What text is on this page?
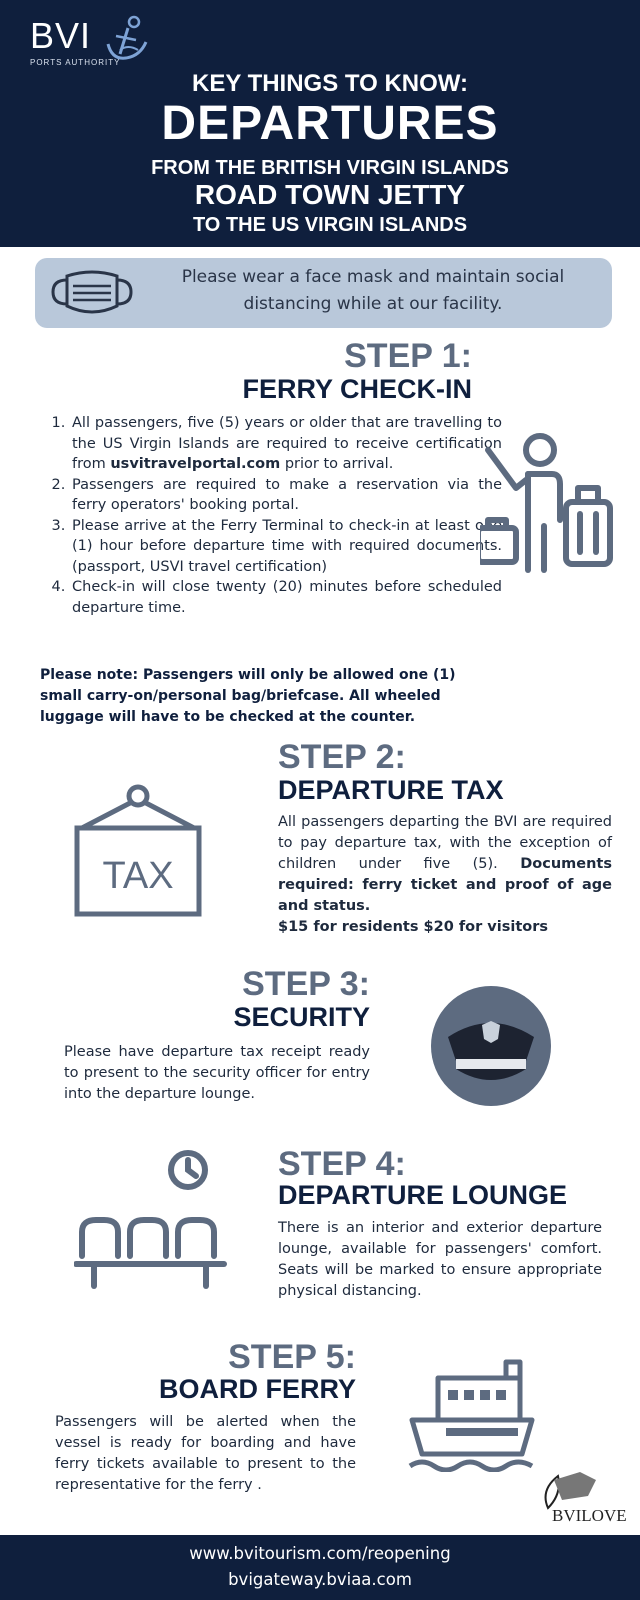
BVI
PORTS AUTHORITY
KEY THINGS TO KNOW:
DEPARTURES
FROM THE BRITISH VIRGIN ISLANDS
ROAD TOWN JETTY
TO THE US VIRGIN ISLANDS
Please wear a face mask and maintain social distancing while at our facility.
STEP 1:
FERRY CHECK-IN
1. All passengers, five (5) years or older that are travelling to the US Virgin Islands are required to receive certification from usvitravelportal.com prior to arrival.
2. Passengers are required to make a reservation via the ferry operators' booking portal.
3. Please arrive at the Ferry Terminal to check-in at least one (1) hour before departure time with required documents. (passport, USVI travel certification)
4. Check-in will close twenty (20) minutes before scheduled departure time.
Please note: Passengers will only be allowed one (1) small carry-on/personal bag/briefcase. All wheeled luggage will have to be checked at the counter.
STEP 2:
DEPARTURE TAX
All passengers departing the BVI are required to pay departure tax, with the exception of children under five (5). Documents required: ferry ticket and proof of age and status.
$15 for residents $20 for visitors
TAX
STEP 3:
SECURITY
Please have departure tax receipt ready to present to the security officer for entry into the departure lounge.
STEP 4:
DEPARTURE LOUNGE
There is an interior and exterior departure lounge, available for passengers' comfort. Seats will be marked to ensure appropriate physical distancing.
STEP 5:
BOARD FERRY
Passengers will be alerted when the vessel is ready for boarding and have ferry tickets available to present to the representative for the ferry .
BVILOVE
www.bvitourism.com/reopening
bvigateway.bviaa.com
